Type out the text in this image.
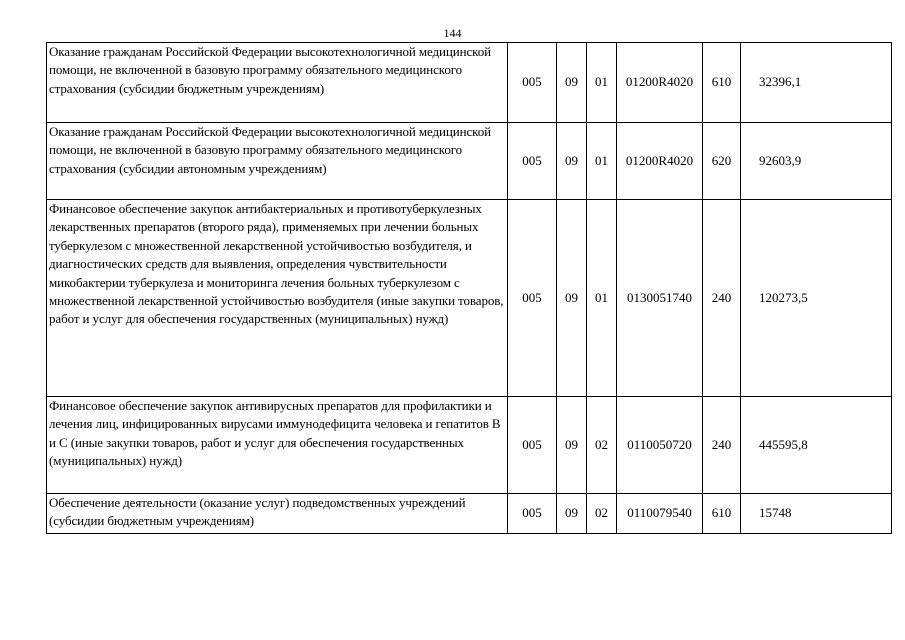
144
Оказание гражданам Российской Федерации высокотехнологичной медицинской помощи, не включенной в базовую программу обязательного медицинского страхования (субсидии бюджетным учреждениям)	005	09	01	01200R4020	610	32396,1
Оказание гражданам Российской Федерации высокотехнологичной медицинской помощи, не включенной в базовую программу обязательного медицинского страхования (субсидии автономным учреждениям)	005	09	01	01200R4020	620	92603,9
Финансовое обеспечение закупок антибактериальных и противотуберкулезных лекарственных препаратов (второго ряда), применяемых при лечении больных туберкулезом с множественной лекарственной устойчивостью возбудителя, и диагностических средств для выявления, определения чувствительности микобактерии туберкулеза и мониторинга лечения больных туберкулезом с множественной лекарственной устойчивостью возбудителя (иные закупки товаров, работ и услуг для обеспечения государственных (муниципальных) нужд)	005	09	01	0130051740	240	120273,5
Финансовое обеспечение закупок антивирусных препаратов для профилактики и лечения лиц, инфицированных вирусами иммунодефицита человека и гепатитов В и С (иные закупки товаров, работ и услуг для обеспечения государственных (муниципальных) нужд)	005	09	02	0110050720	240	445595,8
Обеспечение деятельности (оказание услуг) подведомственных учреждений (субсидии бюджетным учреждениям)	005	09	02	0110079540	610	15748
